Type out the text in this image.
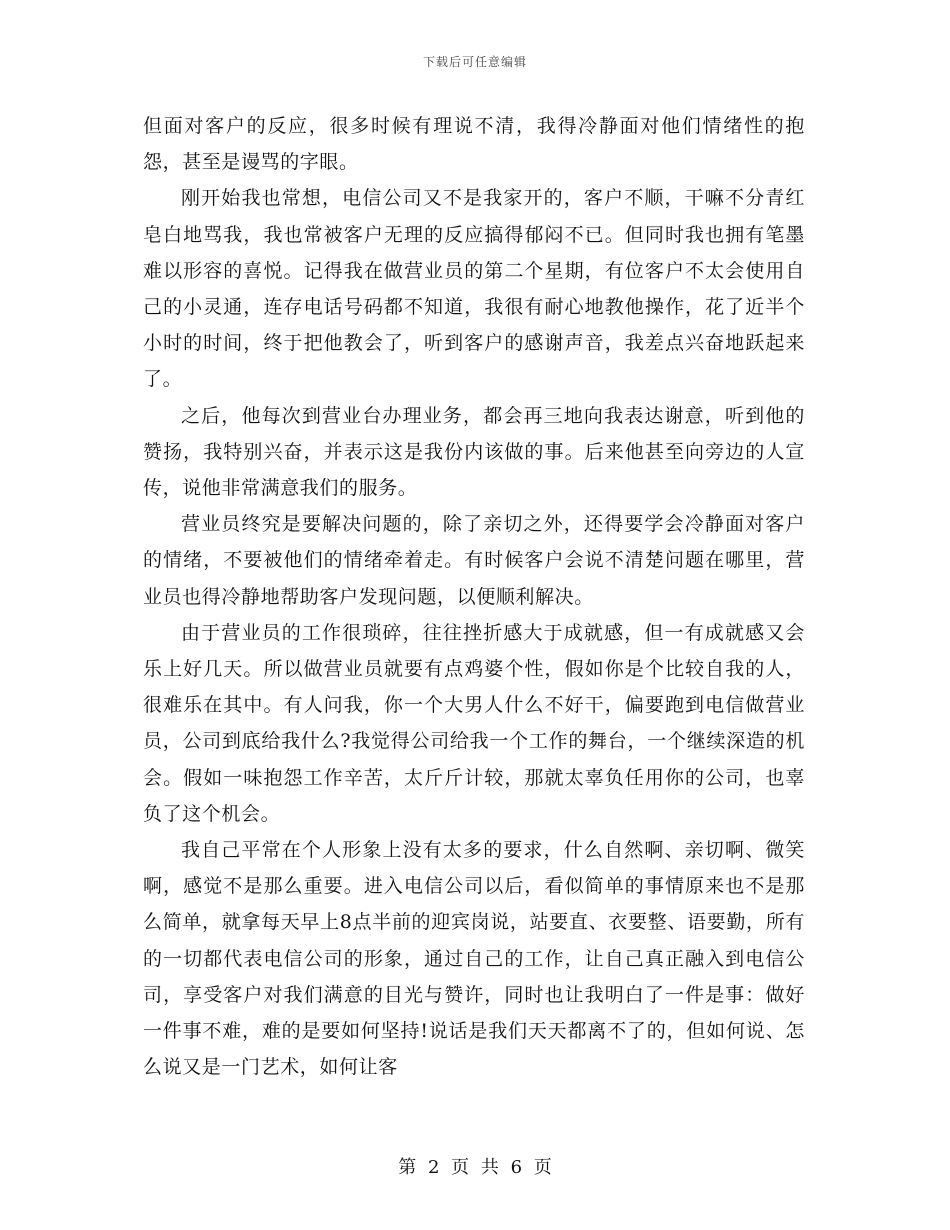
下载后可任意编辑

但面对客户的反应，很多时候有理说不清，我得冷静面对他们情绪性的抱怨，甚至是谩骂的字眼。

刚开始我也常想，电信公司又不是我家开的，客户不顺，干嘛不分青红皂白地骂我，我也常被客户无理的反应搞得郁闷不已。但同时我也拥有笔墨难以形容的喜悦。记得我在做营业员的第二个星期，有位客户不太会使用自己的小灵通，连存电话号码都不知道，我很有耐心地教他操作，花了近半个小时的时间，终于把他教会了，听到客户的感谢声音，我差点兴奋地跃起来了。

之后，他每次到营业台办理业务，都会再三地向我表达谢意，听到他的赞扬，我特别兴奋，并表示这是我份内该做的事。后来他甚至向旁边的人宣传，说他非常满意我们的服务。

营业员终究是要解决问题的，除了亲切之外，还得要学会冷静面对客户的情绪，不要被他们的情绪牵着走。有时候客户会说不清楚问题在哪里，营业员也得冷静地帮助客户发现问题，以便顺利解决。

由于营业员的工作很琐碎，往往挫折感大于成就感，但一有成就感又会乐上好几天。所以做营业员就要有点鸡婆个性，假如你是个比较自我的人，很难乐在其中。有人问我，你一个大男人什么不好干，偏要跑到电信做营业员，公司到底给我什么?我觉得公司给我一个工作的舞台，一个继续深造的机会。假如一味抱怨工作辛苦，太斤斤计较，那就太辜负任用你的公司，也辜负了这个机会。

我自己平常在个人形象上没有太多的要求，什么自然啊、亲切啊、微笑啊，感觉不是那么重要。进入电信公司以后，看似简单的事情原来也不是那么简单，就拿每天早上8点半前的迎宾岗说，站要直、衣要整、语要勤，所有的一切都代表电信公司的形象，通过自己的工作，让自己真正融入到电信公司，享受客户对我们满意的目光与赞许，同时也让我明白了一件是事：做好一件事不难，难的是要如何坚持!说话是我们天天都离不了的，但如何说、怎么说又是一门艺术，如何让客

第 2 页 共 6 页
